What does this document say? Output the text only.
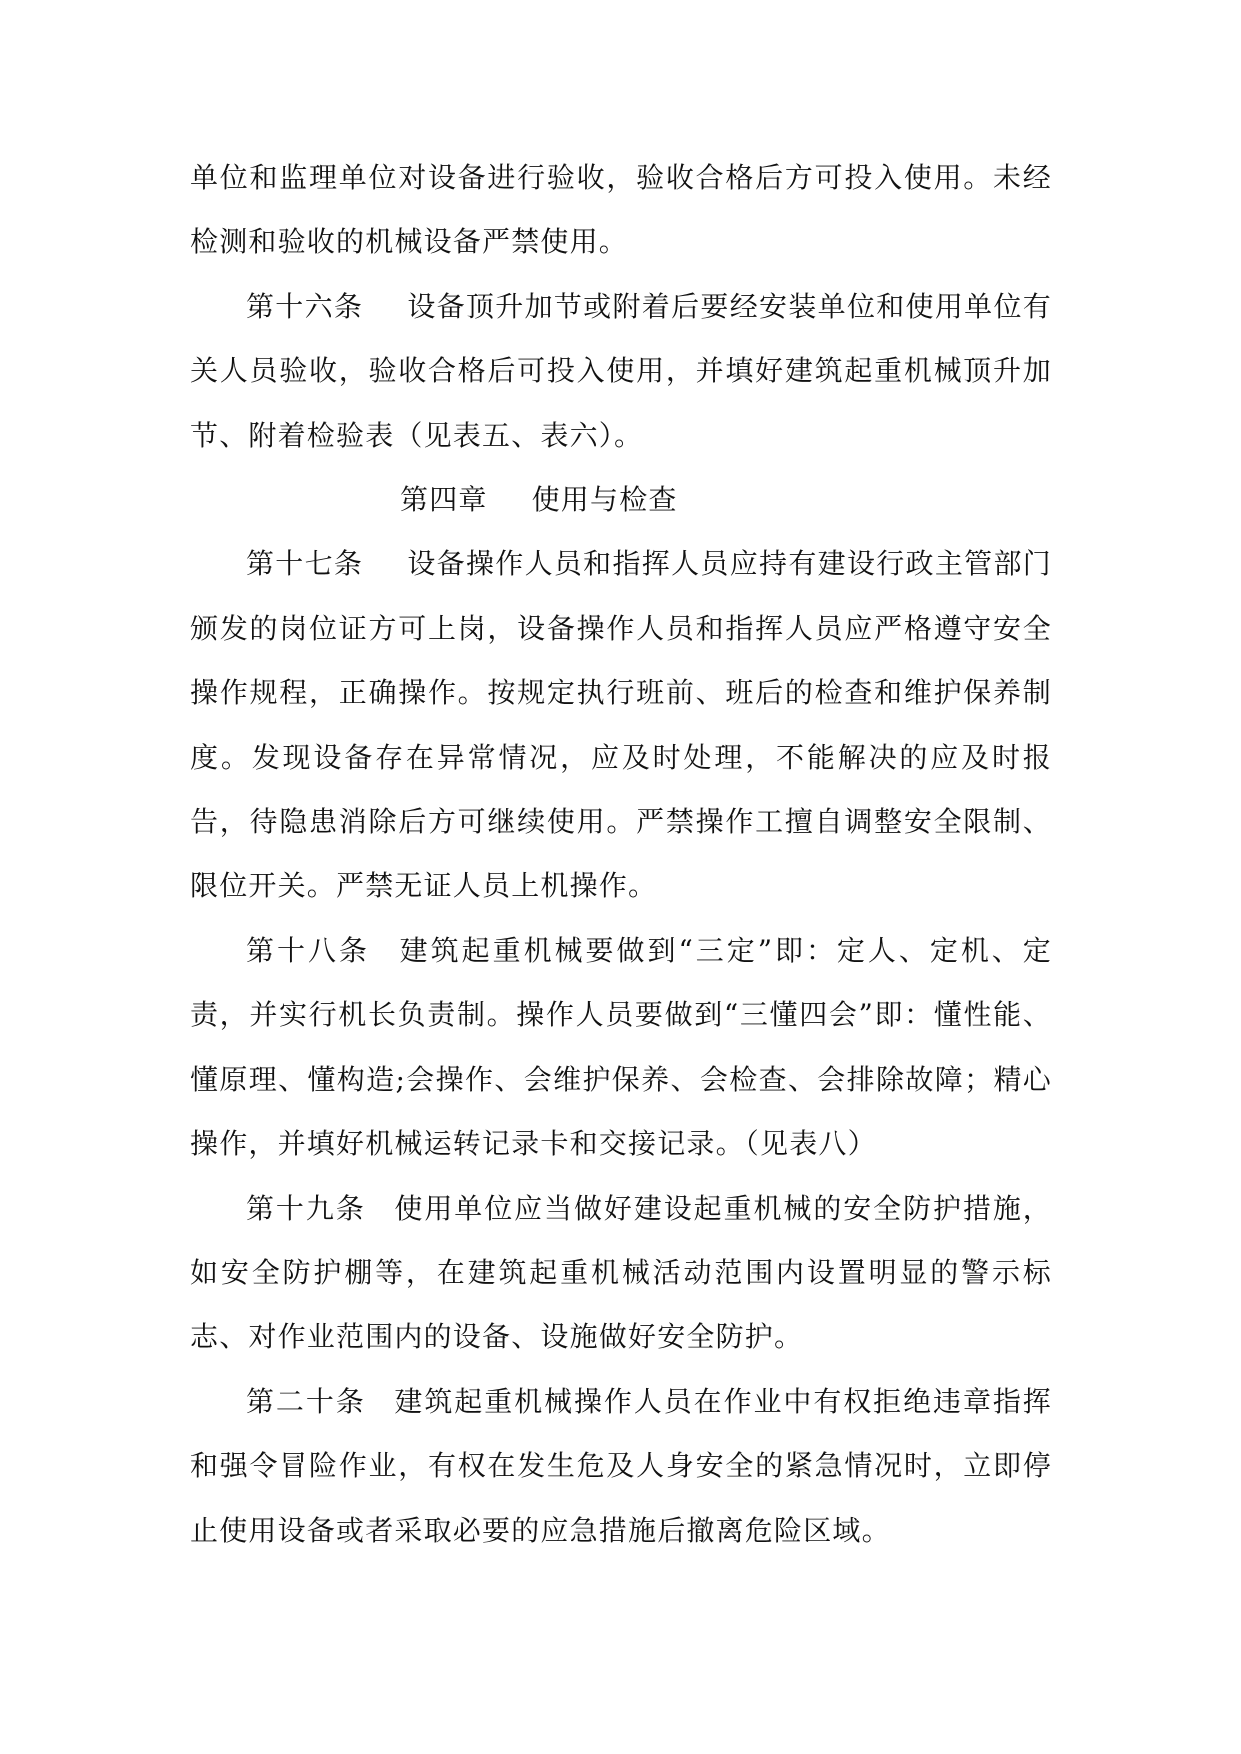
单位和监理单位对设备进行验收，验收合格后方可投入使用。未经检测和验收的机械设备严禁使用。

第十六条 设备顶升加节或附着后要经安装单位和使用单位有关人员验收，验收合格后可投入使用，并填好建筑起重机械顶升加节、附着检验表（见表五、表六）。

第四章 使用与检查

第十七条 设备操作人员和指挥人员应持有建设行政主管部门颁发的岗位证方可上岗，设备操作人员和指挥人员应严格遵守安全操作规程，正确操作。按规定执行班前、班后的检查和维护保养制度。发现设备存在异常情况，应及时处理，不能解决的应及时报告，待隐患消除后方可继续使用。严禁操作工擅自调整安全限制、限位开关。严禁无证人员上机操作。

第十八条 建筑起重机械要做到“三定”即：定人、定机、定责，并实行机长负责制。操作人员要做到“三懂四会”即：懂性能、懂原理、懂构造;会操作、会维护保养、会检查、会排除故障；精心操作，并填好机械运转记录卡和交接记录。（见表八）

第十九条 使用单位应当做好建设起重机械的安全防护措施，如安全防护棚等，在建筑起重机械活动范围内设置明显的警示标志、对作业范围内的设备、设施做好安全防护。

第二十条 建筑起重机械操作人员在作业中有权拒绝违章指挥和强令冒险作业，有权在发生危及人身安全的紧急情况时，立即停止使用设备或者采取必要的应急措施后撤离危险区域。
